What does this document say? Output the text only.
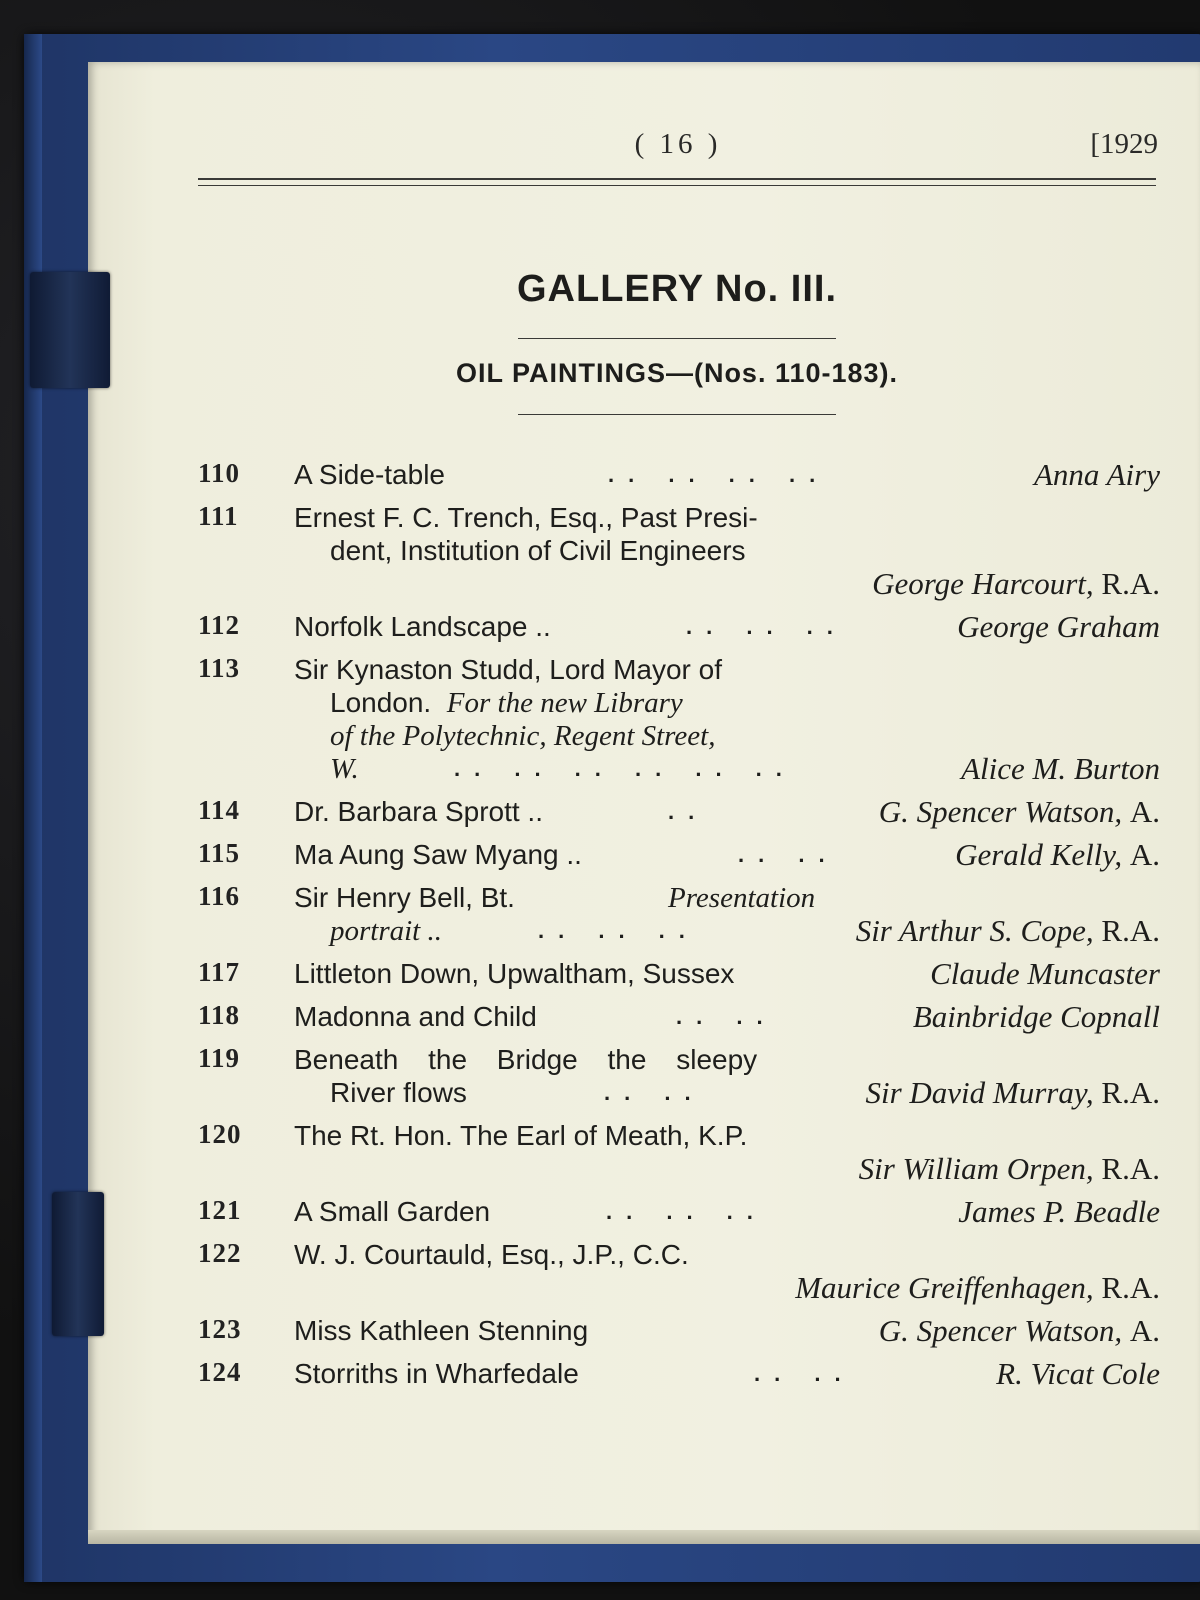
( 16 )	[1929
GALLERY No. III.
OIL PAINTINGS—(Nos. 110-183).
110	A Side-table	.. .. .. ..	Anna Airy
111	Ernest F. C. Trench, Esq., Past Presi-
dent, Institution of Civil Engineers
George Harcourt, R.A.
112	Norfolk Landscape ..	.. .. ..	George Graham
113	Sir Kynaston Studd, Lord Mayor of
London. For the new Library
of the Polytechnic, Regent Street,
W.	.. .. .. .. .. ..	Alice M. Burton
114	Dr. Barbara Sprott ..	..	G. Spencer Watson, A.
115	Ma Aung Saw Myang ..	.. ..	Gerald Kelly, A.
116	Sir Henry Bell, Bt.	Presentation
portrait ..	.. .. ..	Sir Arthur S. Cope, R.A.
117	Littleton Down, Upwaltham, Sussex	Claude Muncaster
118	Madonna and Child	.. ..	Bainbridge Copnall
119	Beneath the Bridge the sleepy
River flows	.. ..	Sir David Murray, R.A.
120	The Rt. Hon. The Earl of Meath, K.P.
Sir William Orpen, R.A.
121	A Small Garden	.. .. ..	James P. Beadle
122	W. J. Courtauld, Esq., J.P., C.C.
Maurice Greiffenhagen, R.A.
123	Miss Kathleen Stenning	G. Spencer Watson, A.
124	Storriths in Wharfedale	.. ..	R. Vicat Cole
